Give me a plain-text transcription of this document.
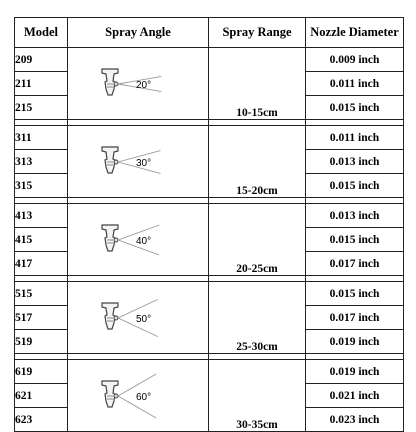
Model	Spray Angle	Spray Range	Nozzle Diameter
209	20°	10-15cm	0.009 inch
211			0.011 inch
215			0.015 inch

311	30°	15-20cm	0.011 inch
313			0.013 inch
315			0.015 inch

413	40°	20-25cm	0.013 inch
415			0.015 inch
417			0.017 inch

515	50°	25-30cm	0.015 inch
517			0.017 inch
519			0.019 inch

619	60°	30-35cm	0.019 inch
621			0.021 inch
623			0.023 inch
